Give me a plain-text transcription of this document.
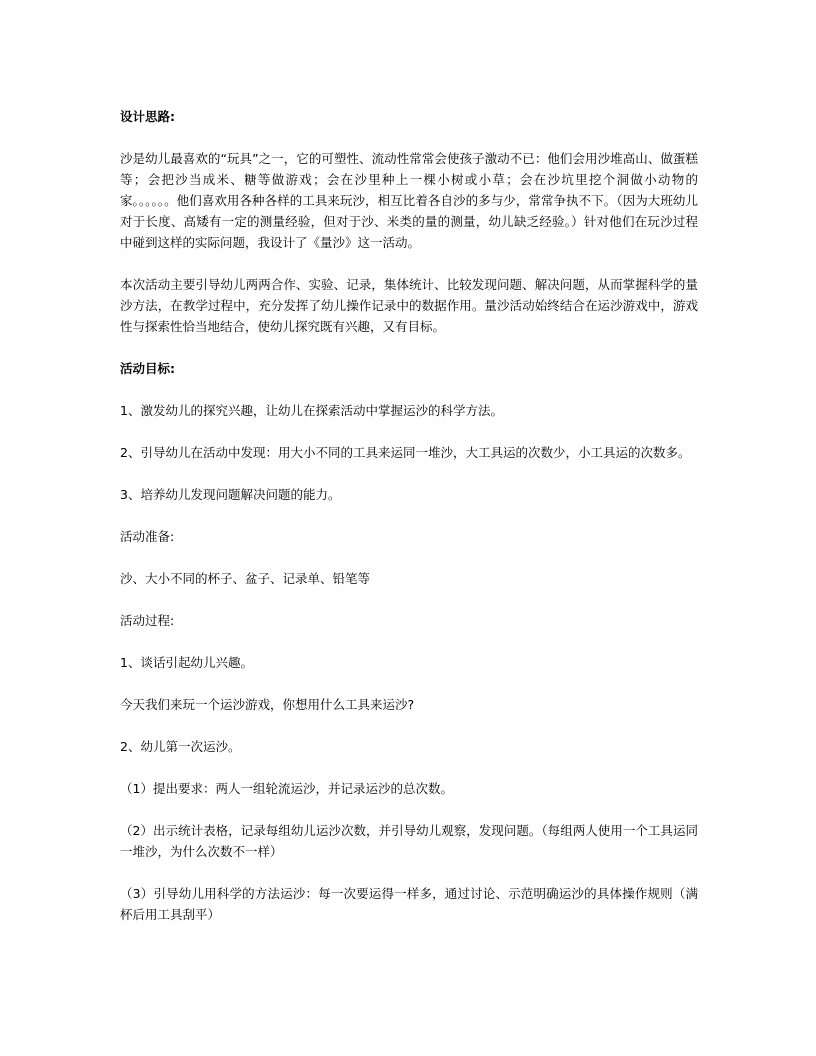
设计思路:

沙是幼儿最喜欢的“玩具”之一，它的可塑性、流动性常常会使孩子激动不已：他们会用沙堆高山、做蛋糕等；会把沙当成米、糖等做游戏；会在沙里种上一棵小树或小草；会在沙坑里挖个洞做小动物的家。。。。。。他们喜欢用各种各样的工具来玩沙，相互比着各自沙的多与少，常常争执不下。（因为大班幼儿对于长度、高矮有一定的测量经验，但对于沙、米类的量的测量，幼儿缺乏经验。）针对他们在玩沙过程中碰到这样的实际问题，我设计了《量沙》这一活动。

本次活动主要引导幼儿两两合作、实验、记录，集体统计、比较发现问题、解决问题，从而掌握科学的量沙方法，在教学过程中，充分发挥了幼儿操作记录中的数据作用。量沙活动始终结合在运沙游戏中，游戏性与探索性恰当地结合，使幼儿探究既有兴趣，又有目标。

活动目标:

1、激发幼儿的探究兴趣，让幼儿在探索活动中掌握运沙的科学方法。

2、引导幼儿在活动中发现：用大小不同的工具来运同一堆沙，大工具运的次数少，小工具运的次数多。

3、培养幼儿发现问题解决问题的能力。

活动准备:

沙、大小不同的杯子、盆子、记录单、铅笔等

活动过程:

1、谈话引起幼儿兴趣。

今天我们来玩一个运沙游戏，你想用什么工具来运沙?

2、幼儿第一次运沙。

（1）提出要求：两人一组轮流运沙，并记录运沙的总次数。

（2）出示统计表格，记录每组幼儿运沙次数，并引导幼儿观察，发现问题。（每组两人使用一个工具运同一堆沙，为什么次数不一样）

（3）引导幼儿用科学的方法运沙：每一次要运得一样多，通过讨论、示范明确运沙的具体操作规则（满杯后用工具刮平）
